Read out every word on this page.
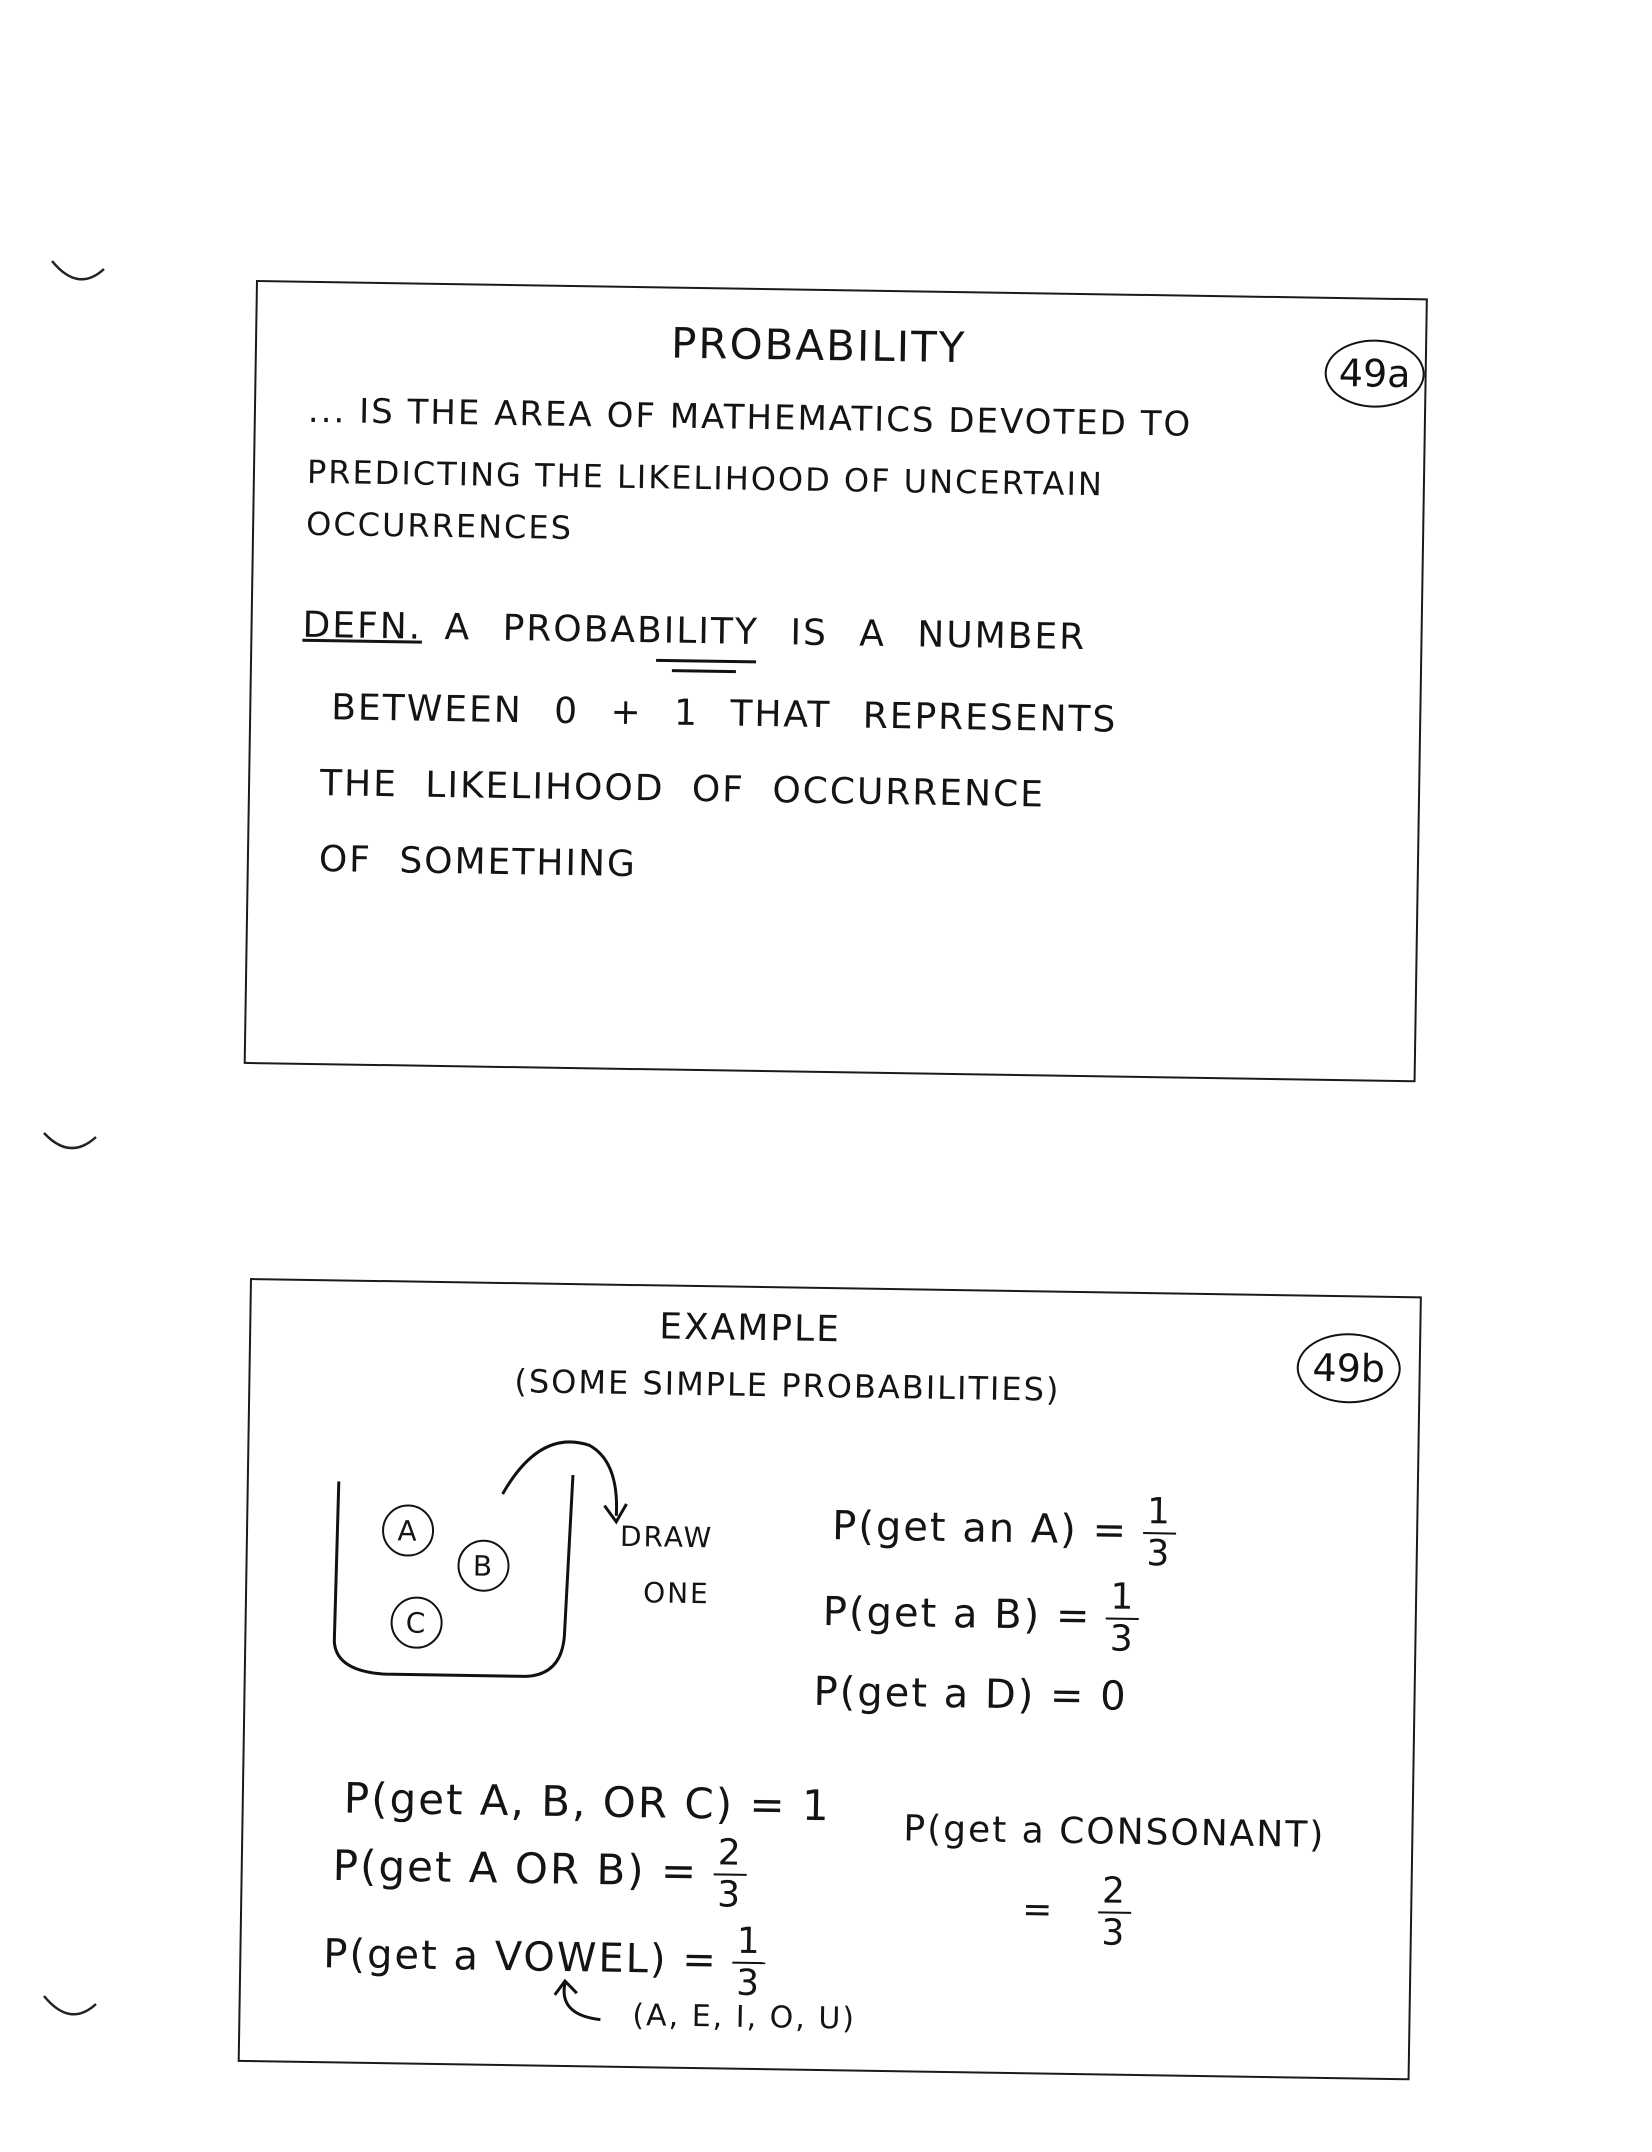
PROBABILITY
49a
... IS THE AREA OF MATHEMATICS DEVOTED TO
PREDICTING THE LIKELIHOOD OF UNCERTAIN
OCCURRENCES
DEFN. A PROBABILITY IS A NUMBER
BETWEEN 0 + 1 THAT REPRESENTS
THE LIKELIHOOD OF OCCURRENCE
OF SOMETHING
EXAMPLE
(SOME SIMPLE PROBABILITIES)	49b
A
B
C
DRAW
ONE
P(get an $A) = \frac{1}{3}$
P(get a $B) = \frac{1}{3}$
P(get a D) = 0
P(get A, B, OR C) = 1
P(get A OR $B) = \frac{2}{3}$
P(get a VOWEL) = $\frac{1}{3}$
(A, E, I, O, U)
P(get a CONSONANT)
= $\frac{2}{3}$
